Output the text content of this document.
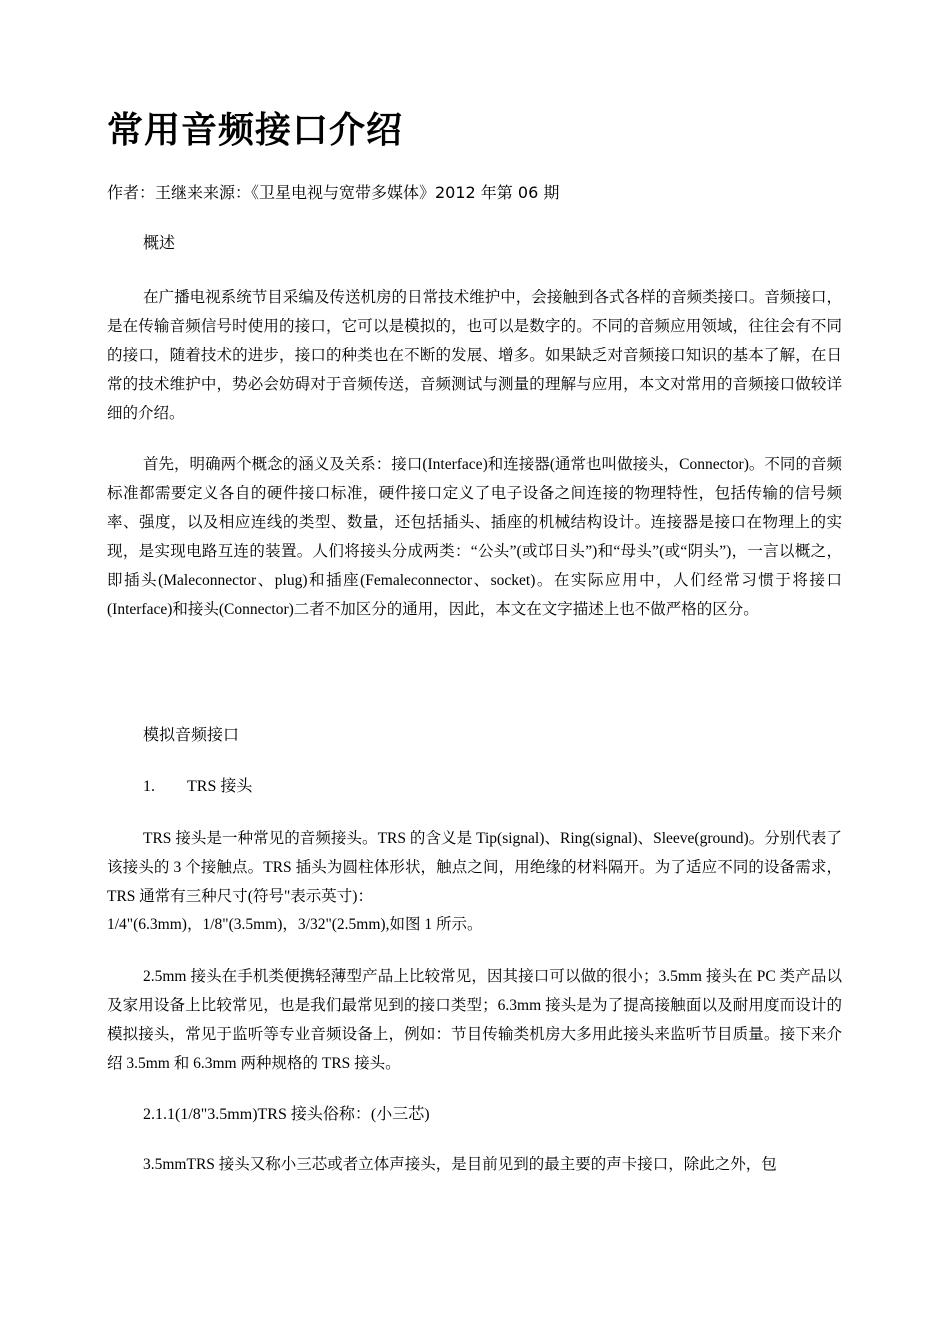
常用音频接口介绍
作者：王继来来源：《卫星电视与宽带多媒体》2012 年第 06 期
概述

在广播电视系统节目采编及传送机房的日常技术维护中，会接触到各式各样的音频类接口。音频接口，是在传输音频信号时使用的接口，它可以是模拟的，也可以是数字的。不同的音频应用领域，往往会有不同的接口，随着技术的进步，接口的种类也在不断的发展、增多。如果缺乏对音频接口知识的基本了解，在日常的技术维护中，势必会妨碍对于音频传送，音频测试与测量的理解与应用，本文对常用的音频接口做较详细的介绍。

首先，明确两个概念的涵义及关系：接口(Interface)和连接器(通常也叫做接头，Connector)。不同的音频标准都需要定义各自的硬件接口标准，硬件接口定义了电子设备之间连接的物理特性，包括传输的信号频率、强度，以及相应连线的类型、数量，还包括插头、插座的机械结构设计。连接器是接口在物理上的实现，是实现电路互连的装置。人们将接头分成两类：“公头”(或邙日头”)和“母头”(或“阴头”)，一言以概之，即插头(Maleconnector、plug)和插座(Femaleconnector、socket)。在实际应用中，人们经常习惯于将接口(Interface)和接头(Connector)二者不加区分的通用，因此，本文在文字描述上也不做严格的区分。

模拟音频接口
1. TRS 接头

TRS 接头是一种常见的音频接头。TRS 的含义是 Tip(signal)、Ring(signal)、Sleeve(ground)。分别代表了该接头的 3 个接触点。TRS 插头为圆柱体形状，触点之间，用绝缘的材料隔开。为了适应不同的设备需求，TRS 通常有三种尺寸(符号"表示英寸)：

1/4"(6.3mm)，1/8"(3.5mm)，3/32"(2.5mm),如图 1 所示。

2.5mm 接头在手机类便携轻薄型产品上比较常见，因其接口可以做的很小；3.5mm 接头在 PC 类产品以及家用设备上比较常见，也是我们最常见到的接口类型；6.3mm 接头是为了提高接触面以及耐用度而设计的模拟接头，常见于监听等专业音频设备上，例如：节目传输类机房大多用此接头来监听节目质量。接下来介绍 3.5mm 和 6.3mm 两种规格的 TRS 接头。

2.1.1(1/8"3.5mm)TRS 接头俗称：(小三芯)

3.5mmTRS 接头又称小三芯或者立体声接头，是目前见到的最主要的声卡接口，除此之外，包
